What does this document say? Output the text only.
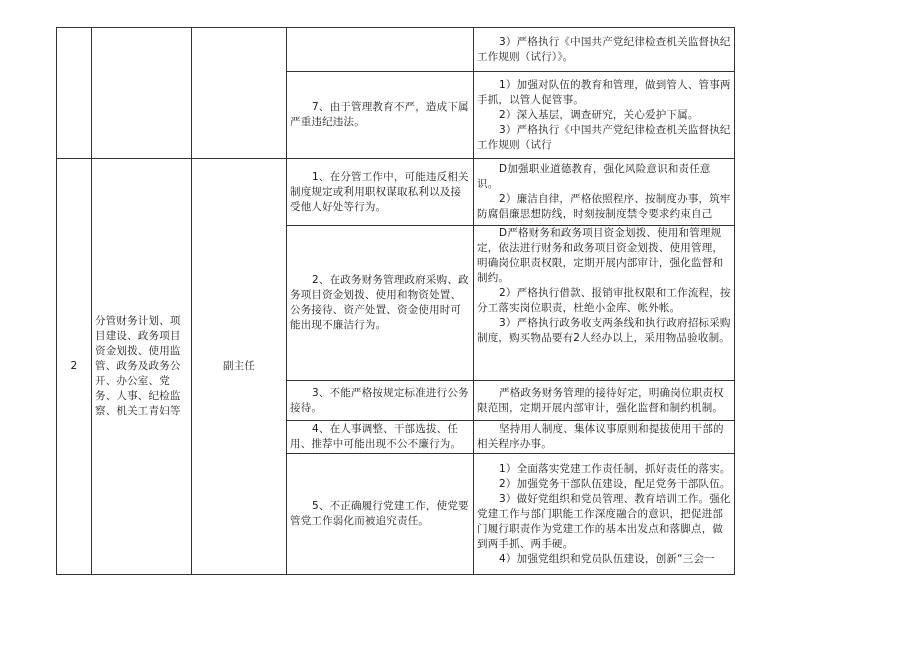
				3）严格执行《中国共产党纪律检查机关监督执纪工作规则（试行）》。

			7、由于管理教育不严，造成下属严重违纪违法。	1）加强对队伍的教育和管理，做到管人、管事两手抓，以管人促管事。

2）深入基层，调查研究，关心爱护下属。

3）严格执行《中国共产党纪律检查机关监督执纪工作规则（试行

2	分管财务计划、项目建设、政务项目资金划拨、使用监管、政务及政务公开、办公室、党务、人事、纪检监察、机关工青妇等	副主任	1、在分管工作中，可能违反相关制度规定或利用职权谋取私利以及接受他人好处等行为。	D加强职业道德教育，强化风险意识和责任意识。

2）廉洁自律，严格依照程序、按制度办事，筑牢防腐倡廉思想防线，时刻按制度禁令要求约束自己

			2、在政务财务管理政府采购、政务项目资金划拨、使用和物资处置、公务接待、资产处置、资金使用时可能出现不廉洁行为。	D严格财务和政务项目资金划拨、使用和管理规定，依法进行财务和政务项目资金划拨、使用管理，明确岗位职责权限，定期开展内部审计，强化监督和制约。

2）严格执行借款、报销审批权限和工作流程，按分工落实岗位职责，杜绝小金库、帐外帐。

3）严格执行政务收支两条线和执行政府招标采购制度，购买物品要有2人经办以上，采用物品验收制。

			3、不能严格按规定标准进行公务接待。	严格政务财务管理的接待好定，明确岗位职责权限范围，定期开展内部审计，强化监督和制约机制。

			4、在人事调整、干部选拔、任用、推荐中可能出现不公不廉行为。	坚持用人制度、集体议事原则和提拔使用干部的相关程序办事。

			5、不正确履行党建工作，使党要管党工作弱化而被追究责任。	1）全面落实党建工作责任制，抓好责任的落实。

2）加强党务干部队伍建设，配足党务干部队伍。

3）做好党组织和党员管理、教育培训工作。强化党建工作与部门职能工作深度融合的意识，把促进部门履行职责作为党建工作的基本出发点和落脚点，做到两手抓、两手硬。

4）加强党组织和党员队伍建设，创新“三会一
